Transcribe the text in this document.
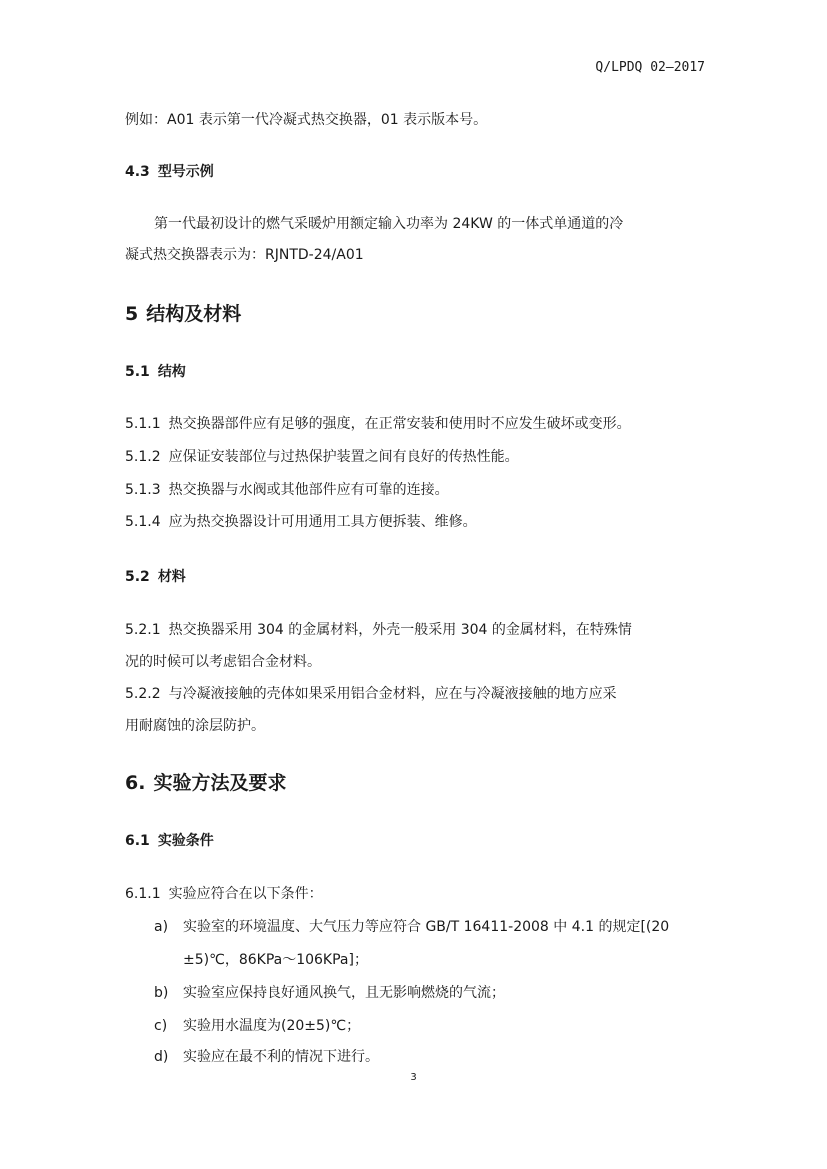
Q/LPDQ 02—2017
例如：A01 表示第一代冷凝式热交换器，01 表示版本号。
4.3 型号示例
第一代最初设计的燃气采暖炉用额定输入功率为 24KW 的一体式单通道的冷
凝式热交换器表示为：RJNTD-24/A01
5 结构及材料
5.1 结构
5.1.1 热交换器部件应有足够的强度，在正常安装和使用时不应发生破坏或变形。
5.1.2 应保证安装部位与过热保护装置之间有良好的传热性能。
5.1.3 热交换器与水阀或其他部件应有可靠的连接。
5.1.4 应为热交换器设计可用通用工具方便拆装、维修。
5.2 材料
5.2.1 热交换器采用 304 的金属材料，外壳一般采用 304 的金属材料，在特殊情
况的时候可以考虑铝合金材料。
5.2.2 与冷凝液接触的壳体如果采用铝合金材料，应在与冷凝液接触的地方应采
用耐腐蚀的涂层防护。
6. 实验方法及要求
6.1 实验条件
6.1.1 实验应符合在以下条件：
a) 实验室的环境温度、大气压力等应符合 GB/T 16411-2008 中 4.1 的规定[(20
±5)℃，86KPa～106KPa]；
b) 实验室应保持良好通风换气，且无影响燃烧的气流；
c) 实验用水温度为(20±5)℃；
d) 实验应在最不利的情况下进行。
3
